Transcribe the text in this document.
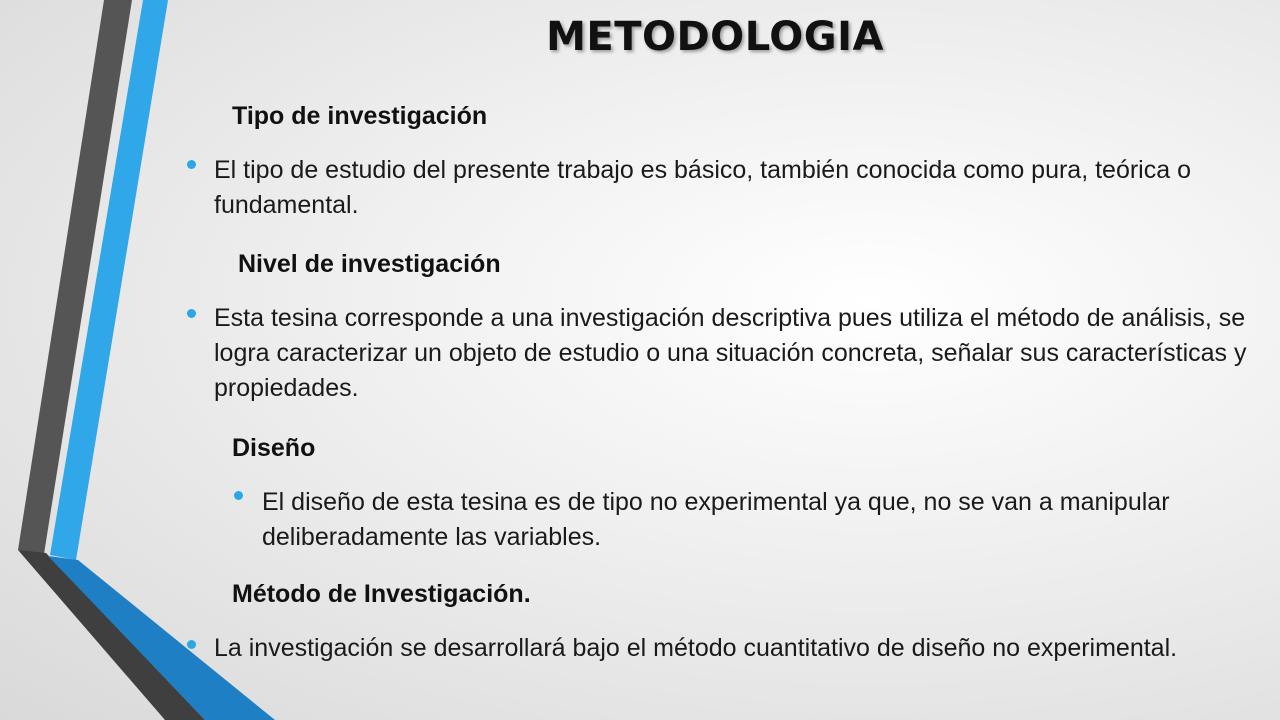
METODOLOGIA

Tipo de investigación

El tipo de estudio del presente trabajo es básico, también conocida como pura, teórica o fundamental.

Nivel de investigación

Esta tesina corresponde a una investigación descriptiva pues utiliza el método de análisis, se logra caracterizar un objeto de estudio o una situación concreta, señalar sus características y propiedades.

Diseño

El diseño de esta tesina es de tipo no experimental ya que, no se van a manipular deliberadamente las variables.

Método de Investigación.

La investigación se desarrollará bajo el método cuantitativo de diseño no experimental.
